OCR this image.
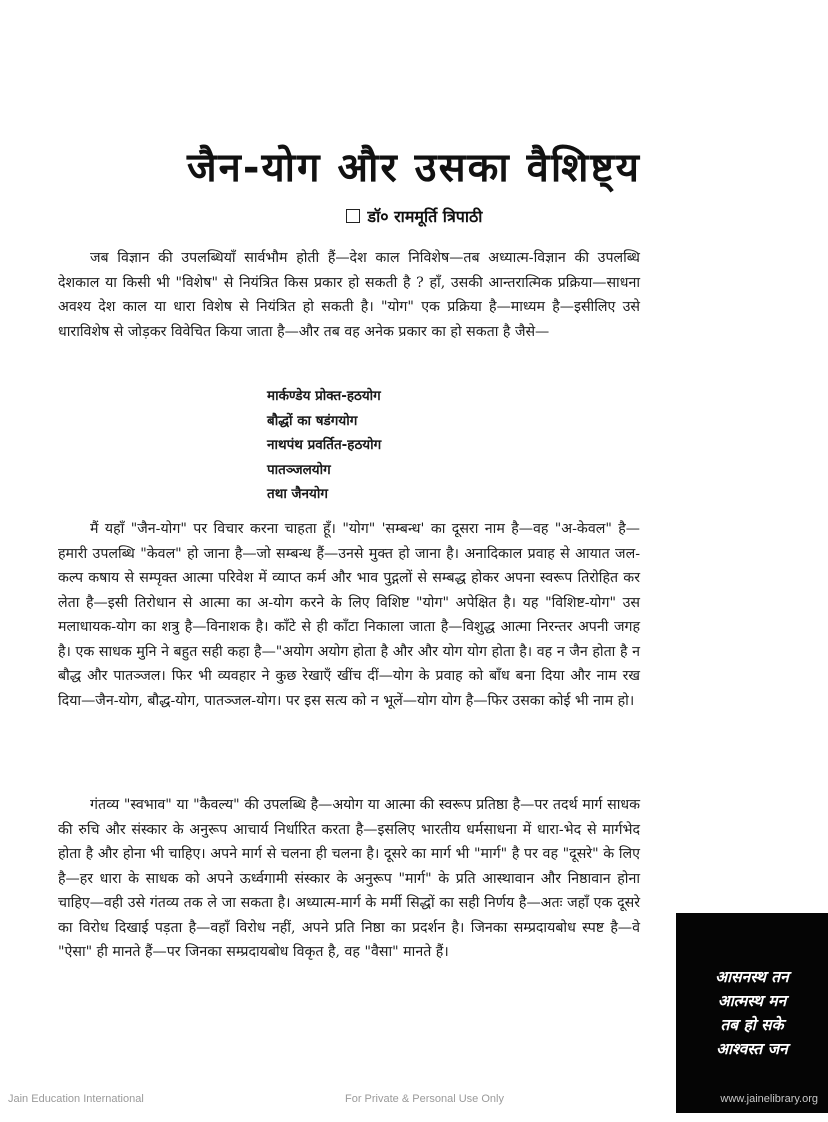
जैन-योग और उसका वैशिष्ट्य
डॉ० राममूर्ति त्रिपाठी

जब विज्ञान की उपलब्धियाँ सार्वभौम होती हैं—देश काल निविशेष—तब अध्यात्म-विज्ञान की उपलब्धि देशकाल या किसी भी "विशेष" से नियंत्रित किस प्रकार हो सकती है ? हाँ, उसकी आन्तरात्मिक प्रक्रिया—साधना अवश्य देश काल या धारा विशेष से नियंत्रित हो सकती है। "योग" एक प्रक्रिया है—माध्यम है—इसीलिए उसे धाराविशेष से जोड़कर विवेचित किया जाता है—और तब वह अनेक प्रकार का हो सकता है जैसे—

मार्कण्डेय प्रोक्त-हठयोग
बौद्धों का षडंगयोग
नाथपंथ प्रवर्तित-हठयोग
पातञ्जलयोग
तथा जैनयोग

मैं यहाँ "जैन-योग" पर विचार करना चाहता हूँ। "योग" 'सम्बन्ध' का दूसरा नाम है—वह "अ-केवल" है—हमारी उपलब्धि "केवल" हो जाना है—जो सम्बन्ध हैं—उनसे मुक्त हो जाना है। अनादिकाल प्रवाह से आयात जल-कल्प कषाय से सम्पृक्त आत्मा परिवेश में व्याप्त कर्म और भाव पुद्गलों से सम्बद्ध होकर अपना स्वरूप तिरोहित कर लेता है—इसी तिरोधान से आत्मा का अ-योग करने के लिए विशिष्ट "योग" अपेक्षित है। यह "विशिष्ट-योग" उस मलाधायक-योग का शत्रु है—विनाशक है। काँटे से ही काँटा निकाला जाता है—विशुद्ध आत्मा निरन्तर अपनी जगह है। एक साधक मुनि ने बहुत सही कहा है—"अयोग अयोग होता है और और योग योग होता है। वह न जैन होता है न बौद्ध और पातञ्जल। फिर भी व्यवहार ने कुछ रेखाएँ खींच दीं—योग के प्रवाह को बाँध बना दिया और नाम रख दिया—जैन-योग, बौद्ध-योग, पातञ्जल-योग। पर इस सत्य को न भूलें—योग योग है—फिर उसका कोई भी नाम हो।

गंतव्य "स्वभाव" या "कैवल्य" की उपलब्धि है—अयोग या आत्मा की स्वरूप प्रतिष्ठा है—पर तदर्थ मार्ग साधक की रुचि और संस्कार के अनुरूप आचार्य निर्धारित करता है—इसलिए भारतीय धर्मसाधना में धारा-भेद से मार्गभेद होता है और होना भी चाहिए। अपने मार्ग से चलना ही चलना है। दूसरे का मार्ग भी "मार्ग" है पर वह "दूसरे" के लिए है—हर धारा के साधक को अपने ऊर्ध्वगामी संस्कार के अनुरूप "मार्ग" के प्रति आस्थावान और निष्ठावान होना चाहिए—वही उसे गंतव्य तक ले जा सकता है। अध्यात्म-मार्ग के मर्मी सिद्धों का सही निर्णय है—अतः जहाँ एक दूसरे का विरोध दिखाई पड़ता है—वहाँ विरोध नहीं, अपने प्रति निष्ठा का प्रदर्शन है। जिनका सम्प्रदायबोध स्पष्ट है—वे "ऐसा" ही मानते हैं—पर जिनका सम्प्रदायबोध विकृत है, वह "वैसा" मानते हैं।

आसनस्थ तन
आत्मस्थ मन
तब हो सके
आश्वस्त जन
Jain Education International	For Private & Personal Use Only	www.jainelibrary.org
